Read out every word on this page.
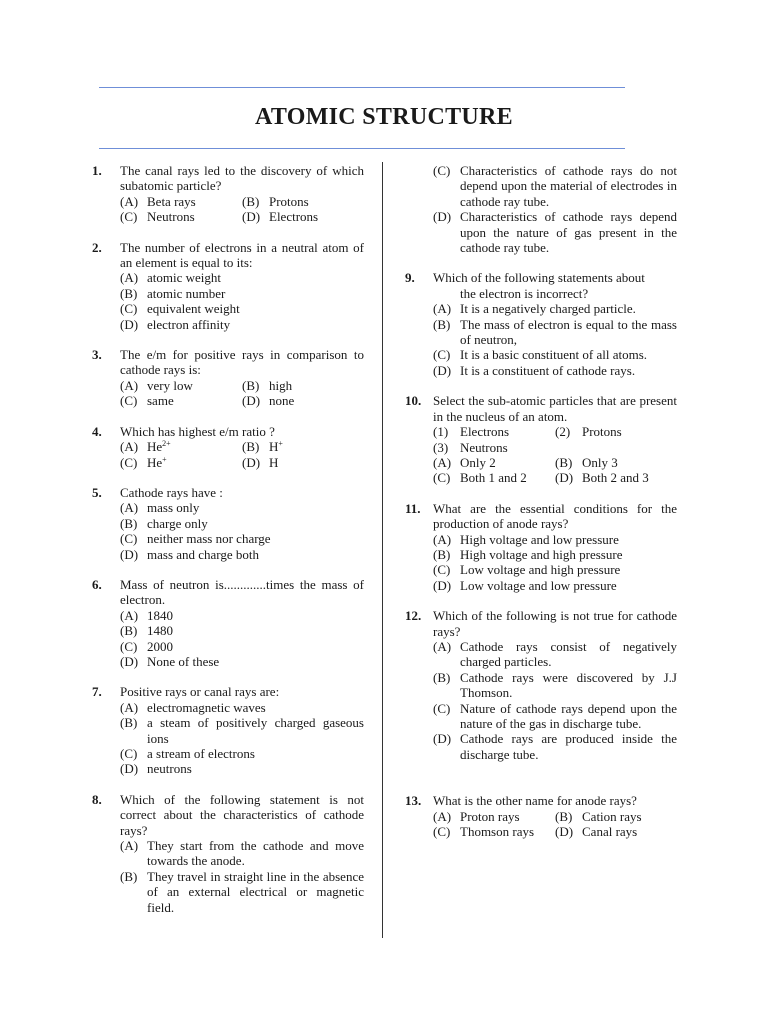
ATOMIC STRUCTURE
1. The canal rays led to the discovery of which subatomic particle?
(A) Beta rays	(B) Protons
(C) Neutrons	(D) Electrons
2. The number of electrons in a neutral atom of an element is equal to its:
(A) atomic weight
(B) atomic number
(C) equivalent weight
(D) electron affinity
3. The e/m for positive rays in comparison to cathode rays is:
(A) very low	(B) high
(C) same	(D) none
4. Which has highest e/m ratio ?
(A) $He^{2+}$	(B) H+
(C) He+	(D) H
5. Cathode rays have :
(A) mass only
(B) charge only
(C) neither mass nor charge
(D) mass and charge both
6. Mass of neutron is.............times the mass of electron.
(A) 1840
(B) 1480
(C) 2000
(D) None of these
7. Positive rays or canal rays are:
(A) electromagnetic waves
(B) a steam of positively charged gaseous ions
(C) a stream of electrons
(D) neutrons
8. Which of the following statement is not correct about the characteristics of cathode rays?
(A) They start from the cathode and move towards the anode.
(B) They travel in straight line in the absence of an external electrical or magnetic field.
(C) Characteristics of cathode rays do not depend upon the material of electrodes in cathode ray tube.
(D) Characteristics of cathode rays depend upon the nature of gas present in the cathode ray tube.
9. Which of the following statements about
the electron is incorrect?
(A) It is a negatively charged particle.
(B) The mass of electron is equal to the mass of neutron,
(C) It is a basic constituent of all atoms.
(D) It is a constituent of cathode rays.
10. Select the sub-atomic particles that are present in the nucleus of an atom.
(1) Electrons	(2) Protons
(3) Neutrons
(A) Only 2	(B) Only 3
(C) Both 1 and 2	(D) Both 2 and 3
11. What are the essential conditions for the production of anode rays?
(A) High voltage and low pressure
(B) High voltage and high pressure
(C) Low voltage and high pressure
(D) Low voltage and low pressure
12. Which of the following is not true for cathode rays?
(A) Cathode rays consist of negatively charged particles.
(B) Cathode rays were discovered by J.J Thomson.
(C) Nature of cathode rays depend upon the nature of the gas in discharge tube.
(D) Cathode rays are produced inside the discharge tube.
13. What is the other name for anode rays?
(A) Proton rays	(B) Cation rays
(C) Thomson rays	(D) Canal rays
